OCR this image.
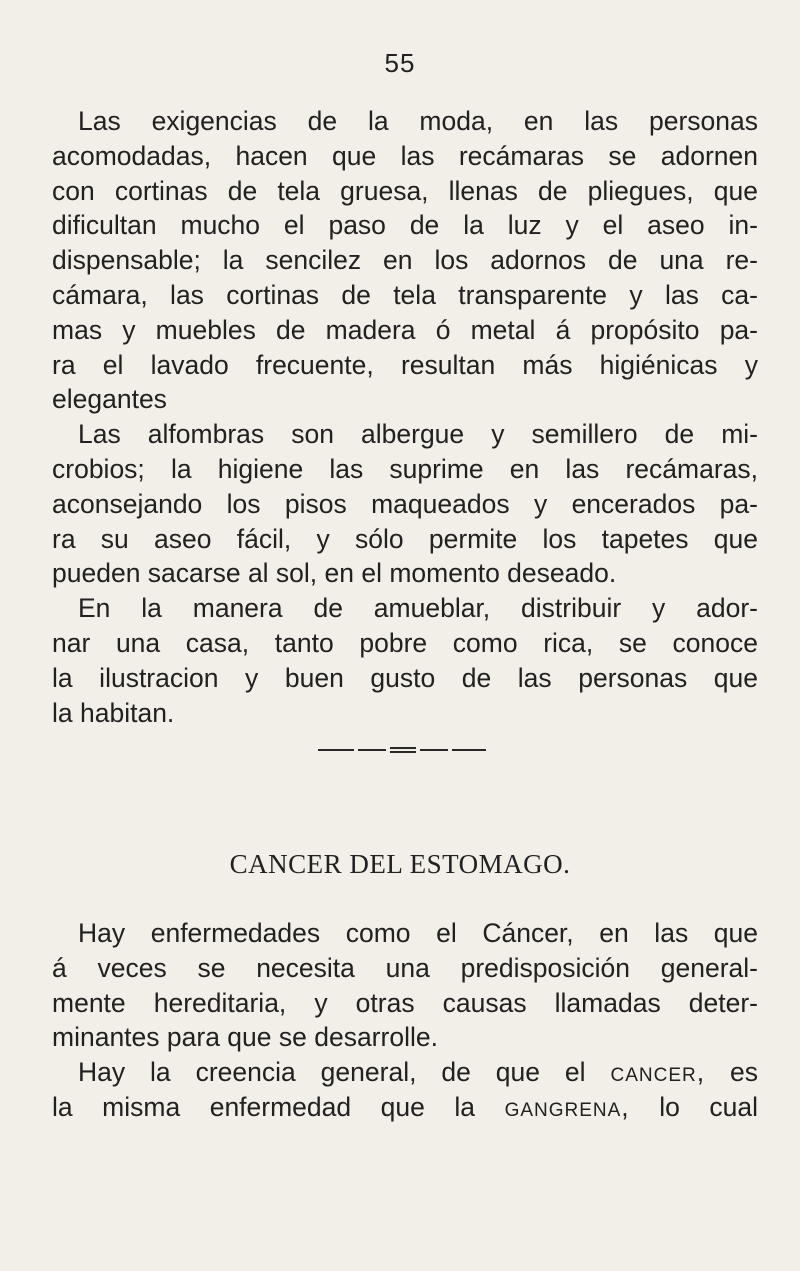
55
Las exigencias de la moda, en las personas
acomodadas, hacen que las recámaras se adornen
con cortinas de tela gruesa, llenas de pliegues, que
dificultan mucho el paso de la luz y el aseo in-
dispensable; la sencilez en los adornos de una re-
cámara, las cortinas de tela transparente y las ca-
mas y muebles de madera ó metal á propósito pa-
ra el lavado frecuente, resultan más higiénicas y
elegantes
Las alfombras son albergue y semillero de mi-
crobios; la higiene las suprime en las recámaras,
aconsejando los pisos maqueados y encerados pa-
ra su aseo fácil, y sólo permite los tapetes que
pueden sacarse al sol, en el momento deseado.
En la manera de amueblar, distribuir y ador-
nar una casa, tanto pobre como rica, se conoce
la ilustracion y buen gusto de las personas que
la habitan.
CANCER DEL ESTOMAGO.
Hay enfermedades como el Cáncer, en las que
á veces se necesita una predisposición general-
mente hereditaria, y otras causas llamadas deter-
minantes para que se desarrolle.
Hay la creencia general, de que el cancer, es
la misma enfermedad que la gangrena, lo cual
